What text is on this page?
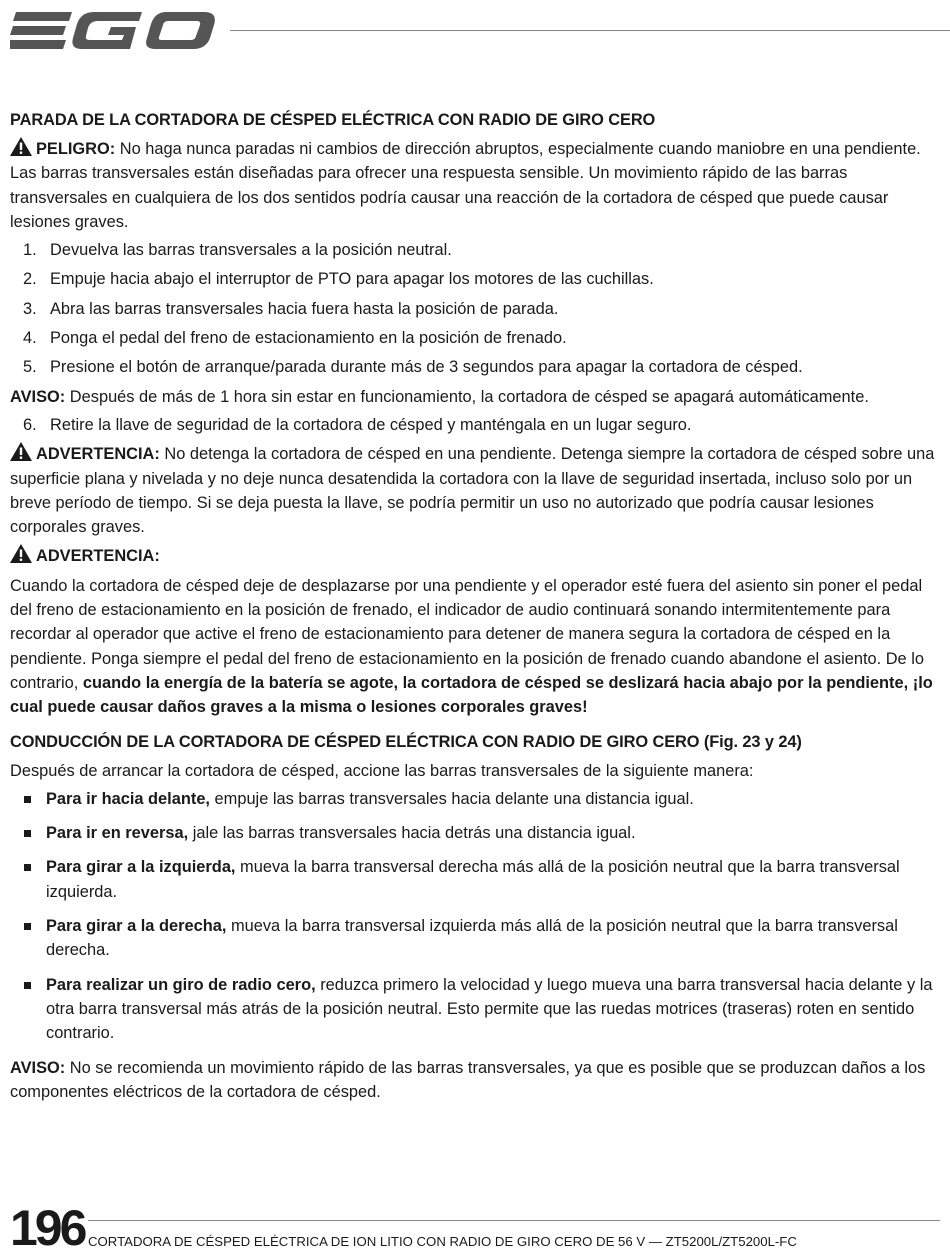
PARADA DE LA CORTADORA DE CÉSPED ELÉCTRICA CON RADIO DE GIRO CERO

PELIGRO: No haga nunca paradas ni cambios de dirección abruptos, especialmente cuando maniobre en una pendiente. Las barras transversales están diseñadas para ofrecer una respuesta sensible. Un movimiento rápido de las barras transversales en cualquiera de los dos sentidos podría causar una reacción de la cortadora de césped que puede causar lesiones graves.

1. Devuelva las barras transversales a la posición neutral.
2. Empuje hacia abajo el interruptor de PTO para apagar los motores de las cuchillas.
3. Abra las barras transversales hacia fuera hasta la posición de parada.
4. Ponga el pedal del freno de estacionamiento en la posición de frenado.
5. Presione el botón de arranque/parada durante más de 3 segundos para apagar la cortadora de césped.

AVISO: Después de más de 1 hora sin estar en funcionamiento, la cortadora de césped se apagará automáticamente.

6. Retire la llave de seguridad de la cortadora de césped y manténgala en un lugar seguro.

ADVERTENCIA: No detenga la cortadora de césped en una pendiente. Detenga siempre la cortadora de césped sobre una superficie plana y nivelada y no deje nunca desatendida la cortadora con la llave de seguridad insertada, incluso solo por un breve período de tiempo. Si se deja puesta la llave, se podría permitir un uso no autorizado que podría causar lesiones corporales graves.

ADVERTENCIA:

Cuando la cortadora de césped deje de desplazarse por una pendiente y el operador esté fuera del asiento sin poner el pedal del freno de estacionamiento en la posición de frenado, el indicador de audio continuará sonando intermitentemente para recordar al operador que active el freno de estacionamiento para detener de manera segura la cortadora de césped en la pendiente. Ponga siempre el pedal del freno de estacionamiento en la posición de frenado cuando abandone el asiento. De lo contrario, cuando la energía de la batería se agote, la cortadora de césped se deslizará hacia abajo por la pendiente, ¡lo cual puede causar daños graves a la misma o lesiones corporales graves!

CONDUCCIÓN DE LA CORTADORA DE CÉSPED ELÉCTRICA CON RADIO DE GIRO CERO (Fig. 23 y 24)

Después de arrancar la cortadora de césped, accione las barras transversales de la siguiente manera:

Para ir hacia delante, empuje las barras transversales hacia delante una distancia igual.
Para ir en reversa, jale las barras transversales hacia detrás una distancia igual.
Para girar a la izquierda, mueva la barra transversal derecha más allá de la posición neutral que la barra transversal izquierda.
Para girar a la derecha, mueva la barra transversal izquierda más allá de la posición neutral que la barra transversal derecha.
Para realizar un giro de radio cero, reduzca primero la velocidad y luego mueva una barra transversal hacia delante y la otra barra transversal más atrás de la posición neutral. Esto permite que las ruedas motrices (traseras) roten en sentido contrario.

AVISO: No se recomienda un movimiento rápido de las barras transversales, ya que es posible que se produzcan daños a los componentes eléctricos de la cortadora de césped.

196 CORTADORA DE CÉSPED ELÉCTRICA DE ION LITIO CON RADIO DE GIRO CERO DE 56 V — ZT5200L/ZT5200L-FC
